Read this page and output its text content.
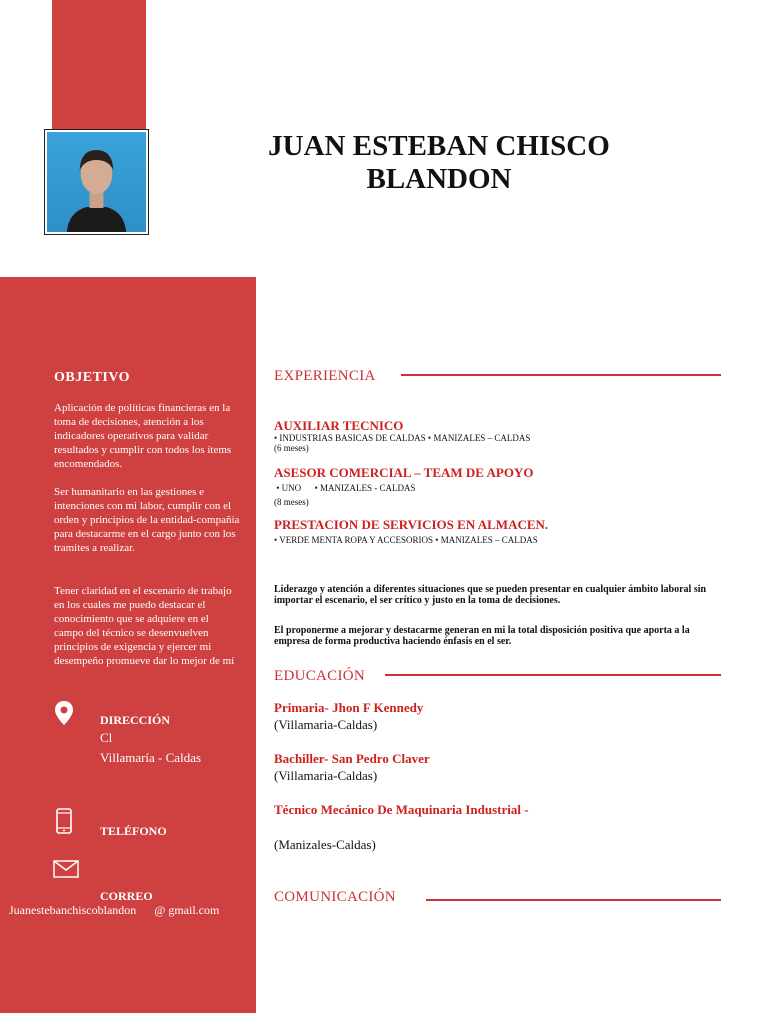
JUAN ESTEBAN CHISCO BLANDON
OBJETIVO
Aplicación de políticas financieras en la toma de decisiones, atención a los indicadores operativos para validar resultados y cumplir con todos los ítems encomendados.
Ser humanitario en las gestiones e intenciones con mi labor, cumplir con el orden y principios de la entidad-compañía para destacarme en el cargo junto con los tramites a realizar.
Tener claridad en el escenario de trabajo en los cuales me puedo destacar el conocimiento que se adquiere en el campo del técnico se desenvuelven principios de exigencia y ejercer mi desempeño promueve dar lo mejor de mí
DIRECCIÓN
Cl
Villamaría - Caldas
TELÉFONO
CORREO
Juanestebanchiscoblandon      @ gmail.com
EXPERIENCIA
AUXILIAR TECNICO
• INDUSTRIAS BASICAS DE CALDAS • MANIZALES – CALDAS
(6 meses)
ASESOR COMERCIAL – TEAM DE APOYO
• UNO      • MANIZALES - CALDAS
(8 meses)
PRESTACION DE SERVICIOS EN ALMACEN.
• VERDE MENTA ROPA Y ACCESORIOS • MANIZALES – CALDAS
Liderazgo y atención a diferentes situaciones que se pueden presentar en cualquier ámbito laboral sin importar el escenario, el ser crítico y justo en la toma de decisiones.
El proponerme a mejorar y destacarme generan en mi la total disposición positiva que aporta a la empresa de forma productiva haciendo énfasis en el ser.
EDUCACIÓN
Primaria- Jhon F Kennedy
(Villamaria-Caldas)
Bachiller- San Pedro Claver
(Villamaria-Caldas)
Técnico Mecánico De Maquinaria Industrial -
(Manizales-Caldas)
COMUNICACIÓN
